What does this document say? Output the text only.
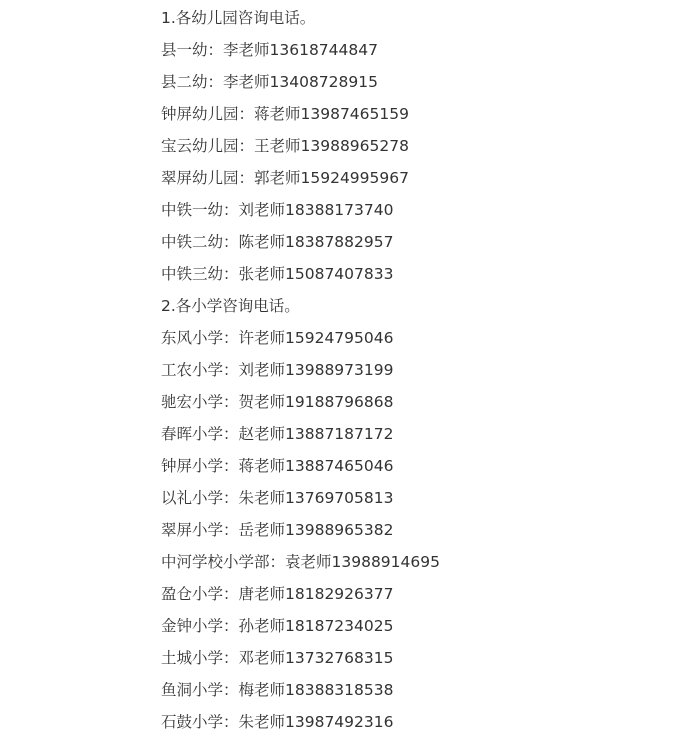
1.各幼儿园咨询电话。
县一幼：李老师13618744847
县二幼：李老师13408728915
钟屏幼儿园：蒋老师13987465159
宝云幼儿园：王老师13988965278
翠屏幼儿园：郭老师15924995967
中铁一幼：刘老师18388173740
中铁二幼：陈老师18387882957
中铁三幼：张老师15087407833
2.各小学咨询电话。
东风小学：许老师15924795046
工农小学：刘老师13988973199
驰宏小学：贺老师19188796868
春晖小学：赵老师13887187172
钟屏小学：蒋老师13887465046
以礼小学：朱老师13769705813
翠屏小学：岳老师13988965382
中河学校小学部：袁老师13988914695
盈仓小学：唐老师18182926377
金钟小学：孙老师18187234025
土城小学：邓老师13732768315
鱼洞小学：梅老师18388318538
石鼓小学：朱老师13987492316
